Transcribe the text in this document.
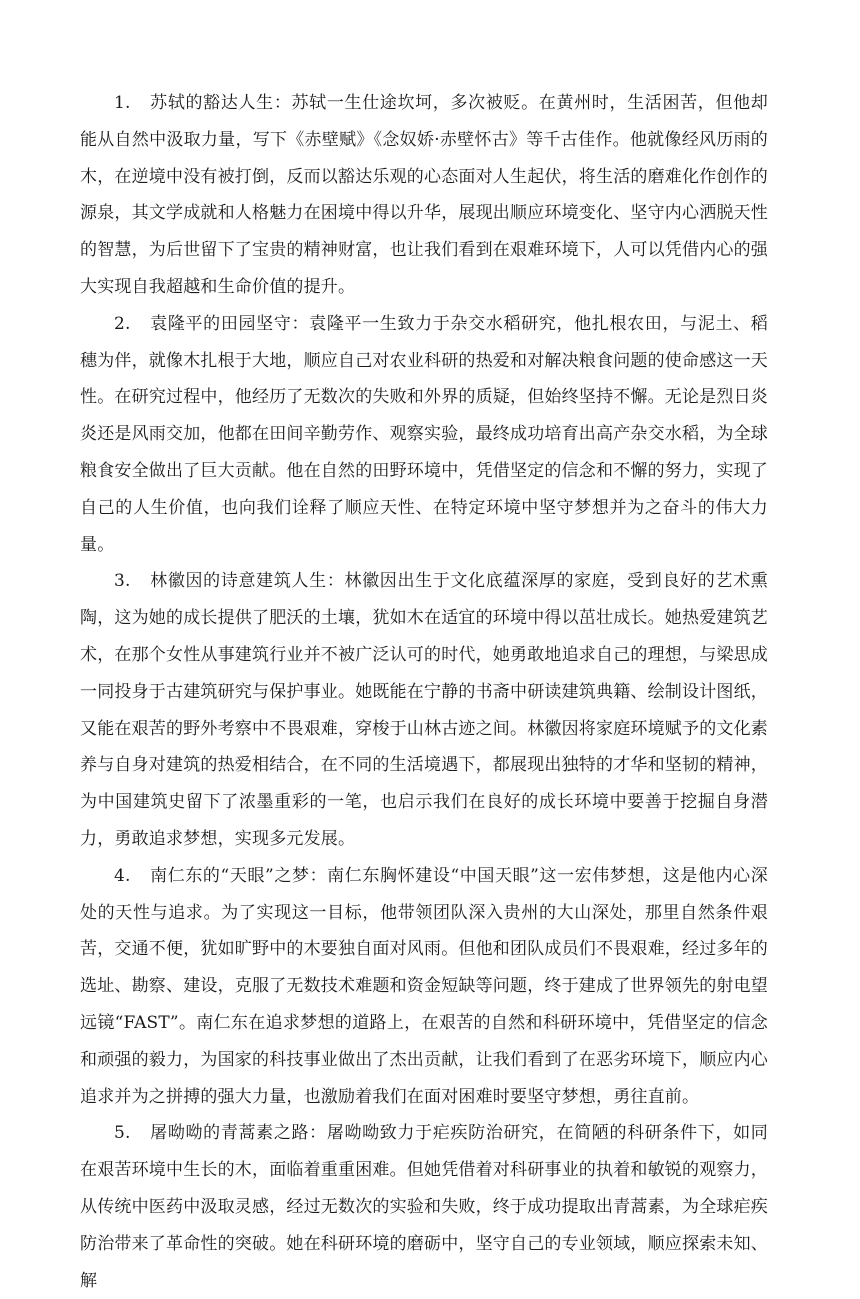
1. 苏轼的豁达人生：苏轼一生仕途坎坷，多次被贬。在黄州时，生活困苦，但他却能从自然中汲取力量，写下《赤壁赋》《念奴娇·赤壁怀古》等千古佳作。他就像经风历雨的木，在逆境中没有被打倒，反而以豁达乐观的心态面对人生起伏，将生活的磨难化作创作的源泉，其文学成就和人格魅力在困境中得以升华，展现出顺应环境变化、坚守内心洒脱天性的智慧，为后世留下了宝贵的精神财富，也让我们看到在艰难环境下，人可以凭借内心的强大实现自我超越和生命价值的提升。

2. 袁隆平的田园坚守：袁隆平一生致力于杂交水稻研究，他扎根农田，与泥土、稻穗为伴，就像木扎根于大地，顺应自己对农业科研的热爱和对解决粮食问题的使命感这一天性。在研究过程中，他经历了无数次的失败和外界的质疑，但始终坚持不懈。无论是烈日炎炎还是风雨交加，他都在田间辛勤劳作、观察实验，最终成功培育出高产杂交水稻，为全球粮食安全做出了巨大贡献。他在自然的田野环境中，凭借坚定的信念和不懈的努力，实现了自己的人生价值，也向我们诠释了顺应天性、在特定环境中坚守梦想并为之奋斗的伟大力量。

3. 林徽因的诗意建筑人生：林徽因出生于文化底蕴深厚的家庭，受到良好的艺术熏陶，这为她的成长提供了肥沃的土壤，犹如木在适宜的环境中得以茁壮成长。她热爱建筑艺术，在那个女性从事建筑行业并不被广泛认可的时代，她勇敢地追求自己的理想，与梁思成一同投身于古建筑研究与保护事业。她既能在宁静的书斋中研读建筑典籍、绘制设计图纸，又能在艰苦的野外考察中不畏艰难，穿梭于山林古迹之间。林徽因将家庭环境赋予的文化素养与自身对建筑的热爱相结合，在不同的生活境遇下，都展现出独特的才华和坚韧的精神，为中国建筑史留下了浓墨重彩的一笔，也启示我们在良好的成长环境中要善于挖掘自身潜力，勇敢追求梦想，实现多元发展。

4. 南仁东的“天眼”之梦：南仁东胸怀建设“中国天眼”这一宏伟梦想，这是他内心深处的天性与追求。为了实现这一目标，他带领团队深入贵州的大山深处，那里自然条件艰苦，交通不便，犹如旷野中的木要独自面对风雨。但他和团队成员们不畏艰难，经过多年的选址、勘察、建设，克服了无数技术难题和资金短缺等问题，终于建成了世界领先的射电望远镜“FAST”。南仁东在追求梦想的道路上，在艰苦的自然和科研环境中，凭借坚定的信念和顽强的毅力，为国家的科技事业做出了杰出贡献，让我们看到了在恶劣环境下，顺应内心追求并为之拼搏的强大力量，也激励着我们在面对困难时要坚守梦想，勇往直前。

5. 屠呦呦的青蒿素之路：屠呦呦致力于疟疾防治研究，在简陋的科研条件下，如同在艰苦环境中生长的木，面临着重重困难。但她凭借着对科研事业的执着和敏锐的观察力，从传统中医药中汲取灵感，经过无数次的实验和失败，终于成功提取出青蒿素，为全球疟疾防治带来了革命性的突破。她在科研环境的磨砺中，坚守自己的专业领域，顺应探索未知、解
